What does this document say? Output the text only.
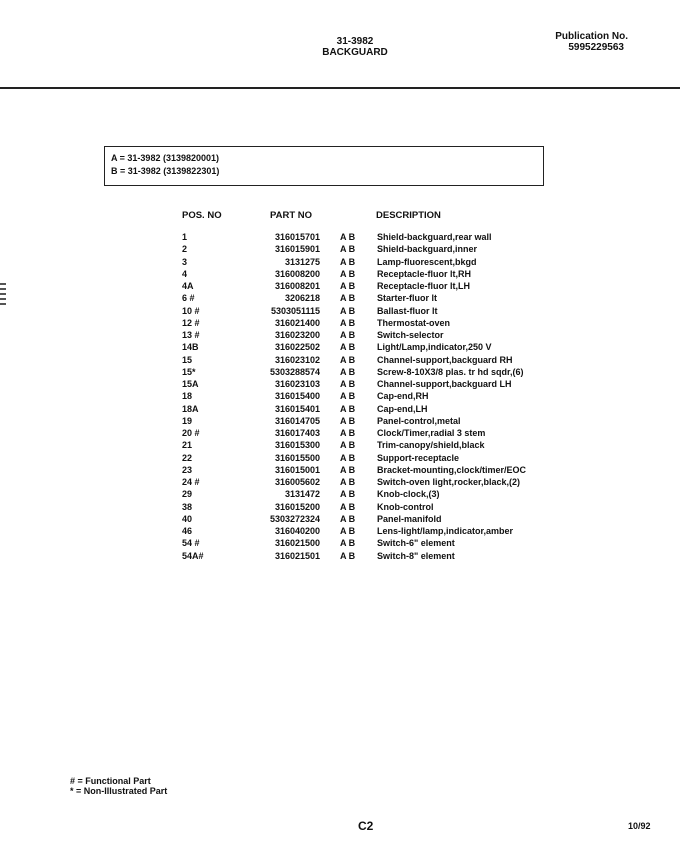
31-3982
BACKGUARD
Publication No.
5995229563
A = 31-3982 (3139820001)
B = 31-3982 (3139822301)
POS. NO	PART NO	DESCRIPTION
1	316015701 A B Shield-backguard,rear wall
2	316015901 A B Shield-backguard,inner
3	3131275 A B Lamp-fluorescent,bkgd
4	316008200 A B Receptacle-fluor lt,RH
4A	316008201 A B Receptacle-fluor lt,LH
6 #	3206218 A B Starter-fluor lt
10 #	5303051115 A B Ballast-fluor lt
12 #	316021400 A B Thermostat-oven
13 #	316023200 A B Switch-selector
14B	316022502 A B Light/Lamp,indicator,250 V
15	316023102 A B Channel-support,backguard RH
15*	5303288574 A B Screw-8-10X3/8 plas. tr hd sqdr,(6)
15A	316023103 A B Channel-support,backguard LH
18	316015400 A B Cap-end,RH
18A	316015401 A B Cap-end,LH
19	316014705 A B Panel-control,metal
20 #	316017403 A B Clock/Timer,radial 3 stem
21	316015300 A B Trim-canopy/shield,black
22	316015500 A B Support-receptacle
23	316015001 A B Bracket-mounting,clock/timer/EOC
24 #	316005602 A B Switch-oven light,rocker,black,(2)
29	3131472 A B Knob-clock,(3)
38	316015200 A B Knob-control
40	5303272324 A B Panel-manifold
46	316040200 A B Lens-light/lamp,indicator,amber
54 #	316021500 A B Switch-6" element
54A#	316021501 A B Switch-8" element
# = Functional Part
* = Non-Illustrated Part
C2	10/92
